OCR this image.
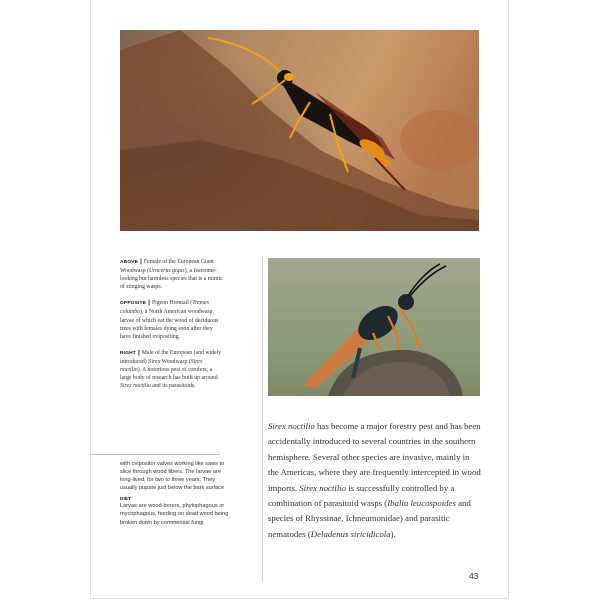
ABOVE | Female of the European Giant Woodwasp (Urocerus gigas), a fearsome-looking but harmless species that is a mimic of stinging wasps.

OPPOSITE | Pigeon Horntail (Tremex columba), a North American woodwasp, larvae of which eat the wood of deciduous trees with females dying soon after they have finished ovipositing.

RIGHT | Male of the European (and widely introduced) Sirex Woodwasp (Sirex noctilio). A notorious pest of conifers, a large body of research has built up around Sirex noctilio and its parasitoids.

with ovipositor valves working like saws to slice through wood fibers. The larvae are long-lived, for two to three years. They usually pupate just below the bark surface

DIET

Larvae are wood-borers, phytophagous or mycophagous, feeding on dead wood being broken down by commensal fungi

Sirex noctilio has become a major forestry pest and has been accidentally introduced to several countries in the southern hemisphere. Several other species are invasive, mainly in the Americas, where they are frequently intercepted in wood imports. Sirex noctilio is successfully controlled by a combination of parasitoid wasps (Ibalia leucospoides and species of Rhyssinae, Ichneumonidae) and parasitic nematodes (Deladenus siricidicola).

43
